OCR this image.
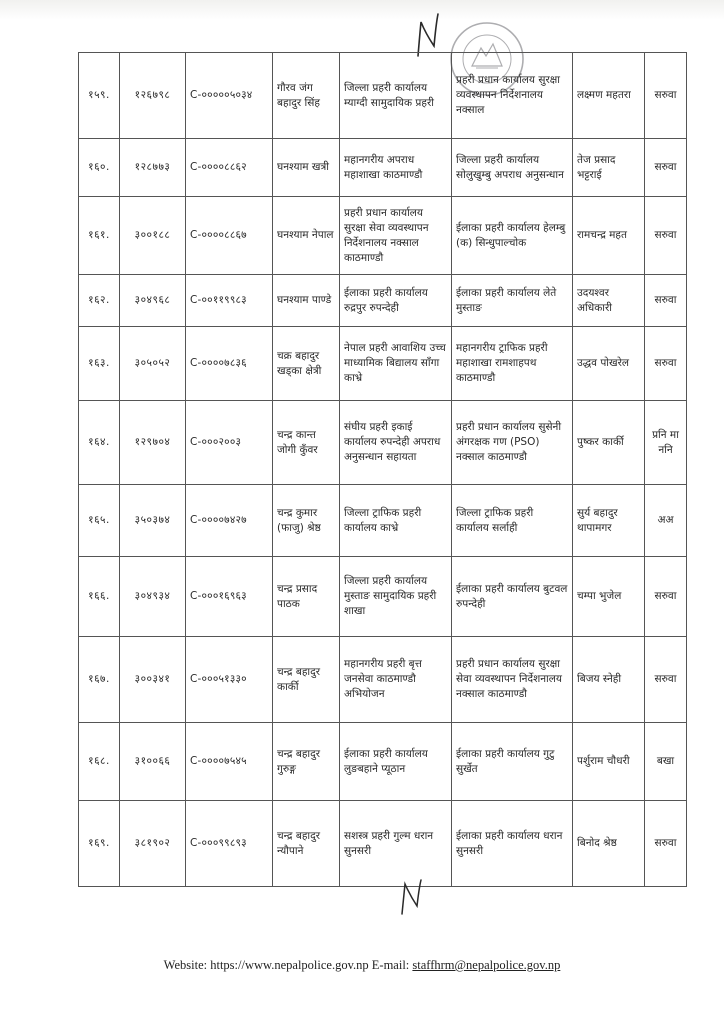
१५९.	१२६७९८	C-०००००५०३४	गौरव जंग बहादुर सिंह	जिल्ला प्रहरी कार्यालय म्याग्दी सामुदायिक प्रहरी	प्रहरी प्रधान कार्यालय सुरक्षा व्यवस्थापन निर्देशनालय नक्साल	लक्ष्मण महतरा	सरुवा
१६०.	१२८७७३	C-००००८८६२	घनश्याम खत्री	महानगरीय अपराध महाशाखा काठमाण्डौ	जिल्ला प्रहरी कार्यालय सोलुखुम्बु अपराध अनुसन्धान	तेज प्रसाद भट्टराई	सरुवा
१६१.	३००१८८	C-००००८८६७	घनश्याम नेपाल	प्रहरी प्रधान कार्यालय सुरक्षा सेवा व्यवस्थापन निर्देशनालय नक्साल काठमाण्डौ	ईलाका प्रहरी कार्यालय हेलम्बु (क) सिन्धुपाल्चोक	रामचन्द्र महत	सरुवा
१६२.	३०४९६८	C-००११९९८३	घनश्याम पाण्डे	ईलाका प्रहरी कार्यालय रुद्रपुर रुपन्देही	ईलाका प्रहरी कार्यालय लेते मुस्ताङ	उदयश्वर अधिकारी	सरुवा
१६३.	३०५०५२	C-००००७८३६	चक्र बहादुर खड्का क्षेत्री	नेपाल प्रहरी आवाशिय उच्च माध्यामिक बिद्यालय साँगा काभ्रे	महानगरीय ट्राफिक प्रहरी महाशाखा रामशाहपथ काठमाण्डौ	उद्धव पोखरेल	सरुवा
१६४.	१२९७०४	C-०००२००३	चन्द्र कान्त जोगी कुँवर	संघीय प्रहरी इकाई कार्यालय रुपन्देही अपराध अनुसन्धान सहायता	प्रहरी प्रधान कार्यालय सुसेनी अंगरक्षक गण (PSO) नक्साल काठमाण्डौ	पुष्कर कार्की	प्रनि मा ननि
१६५.	३५०३७४	C-००००७४२७	चन्द्र कुमार (फाजु) श्रेष्ठ	जिल्ला ट्राफिक प्रहरी कार्यालय काभ्रे	जिल्ला ट्राफिक प्रहरी कार्यालय सर्लाही	सुर्य बहादुर थापामगर	अअ
१६६.	३०४९३४	C-०००१६९६३	चन्द्र प्रसाद पाठक	जिल्ला प्रहरी कार्यालय मुस्ताङ सामुदायिक प्रहरी शाखा	ईलाका प्रहरी कार्यालय बुटवल रुपन्देही	चम्पा भुजेल	सरुवा
१६७.	३००३४१	C-०००५१३३०	चन्द्र बहादुर कार्की	महानगरीय प्रहरी बृत्त जनसेवा काठमाण्डौ अभियोजन	प्रहरी प्रधान कार्यालय सुरक्षा सेवा व्यवस्थापन निर्देशनालय नक्साल काठमाण्डौ	बिजय स्नेही	सरुवा
१६८.	३१००६६	C-००००७५४५	चन्द्र बहादुर गुरुङ्ग	ईलाका प्रहरी कार्यालय लुङबहाने प्यूठान	ईलाका प्रहरी कार्यालय गुटु सुर्खेत	पर्शुराम चौधरी	बखा
१६९.	३८१९०२	C-०००९९८९३	चन्द्र बहादुर न्यौपाने	सशस्त्र प्रहरी गुल्म धरान सुनसरी	ईलाका प्रहरी कार्यालय धरान सुनसरी	बिनोद श्रेष्ठ	सरुवा
Website: https://www.nepalpolice.gov.np E-mail: staffhrm@nepalpolice.gov.np
